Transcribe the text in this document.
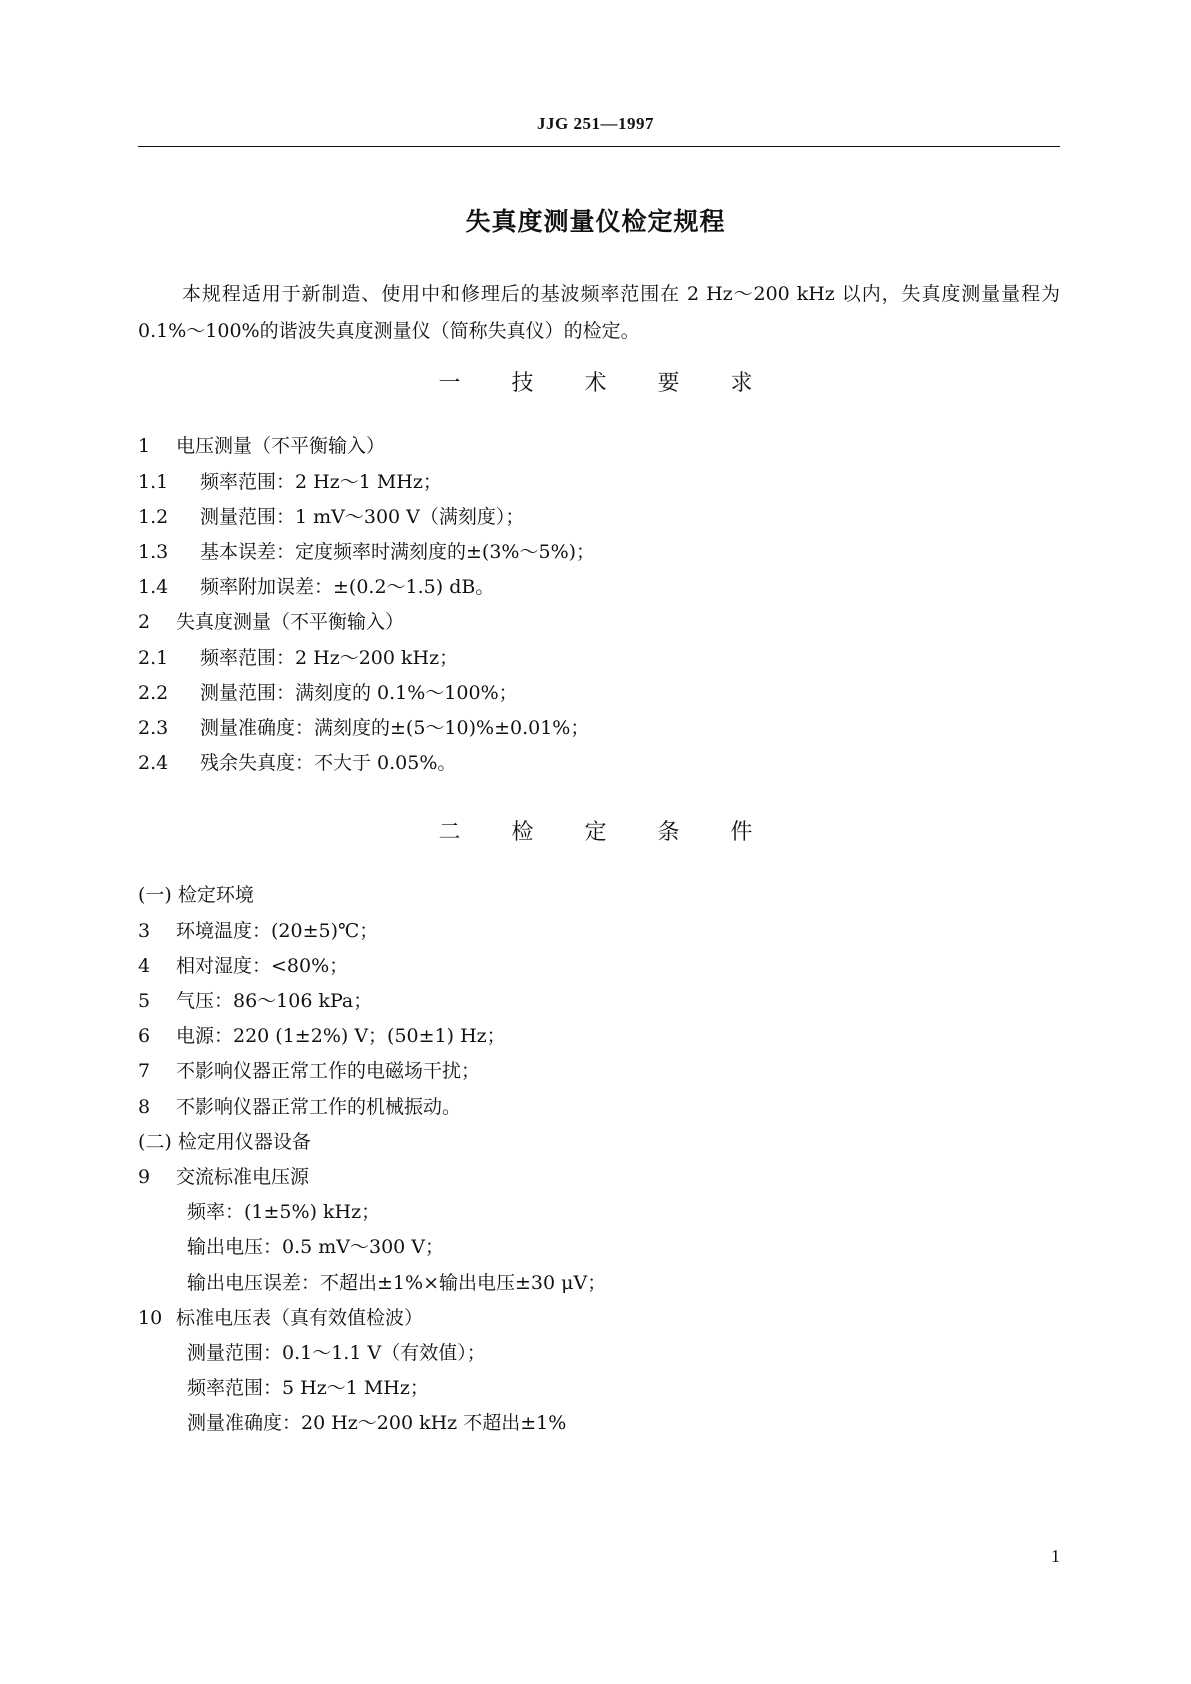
JJG 251—1997
失真度测量仪检定规程

本规程适用于新制造、使用中和修理后的基波频率范围在 2 Hz～200 kHz 以内，失真度测量量程为 0.1%～100%的谐波失真度测量仪（简称失真仪）的检定。

一 技 术 要 求
1 电压测量（不平衡输入）
1.1 频率范围：2 Hz～1 MHz；
1.2 测量范围：1 mV～300 V（满刻度）；
1.3 基本误差：定度频率时满刻度的±(3%～5%)；
1.4 频率附加误差：±(0.2～1.5) dB。
2 失真度测量（不平衡输入）
2.1 频率范围：2 Hz～200 kHz；
2.2 测量范围：满刻度的 0.1%～100%；
2.3 测量准确度：满刻度的±(5～10)%±0.01%；
2.4 残余失真度：不大于 0.05%。
二 检 定 条 件
(一) 检定环境
3 环境温度：(20±5)℃；
4 相对湿度：<80%；
5 气压：86～106 kPa；
6 电源：220 (1±2%) V；(50±1) Hz；
7 不影响仪器正常工作的电磁场干扰；
8 不影响仪器正常工作的机械振动。
(二) 检定用仪器设备
9 交流标准电压源
频率：(1±5%) kHz；
输出电压：0.5 mV～300 V；
输出电压误差：不超出±1%×输出电压±30 μV；
10 标准电压表（真有效值检波）
测量范围：0.1～1.1 V（有效值）；
频率范围：5 Hz～1 MHz；
测量准确度：20 Hz～200 kHz 不超出±1%
1
